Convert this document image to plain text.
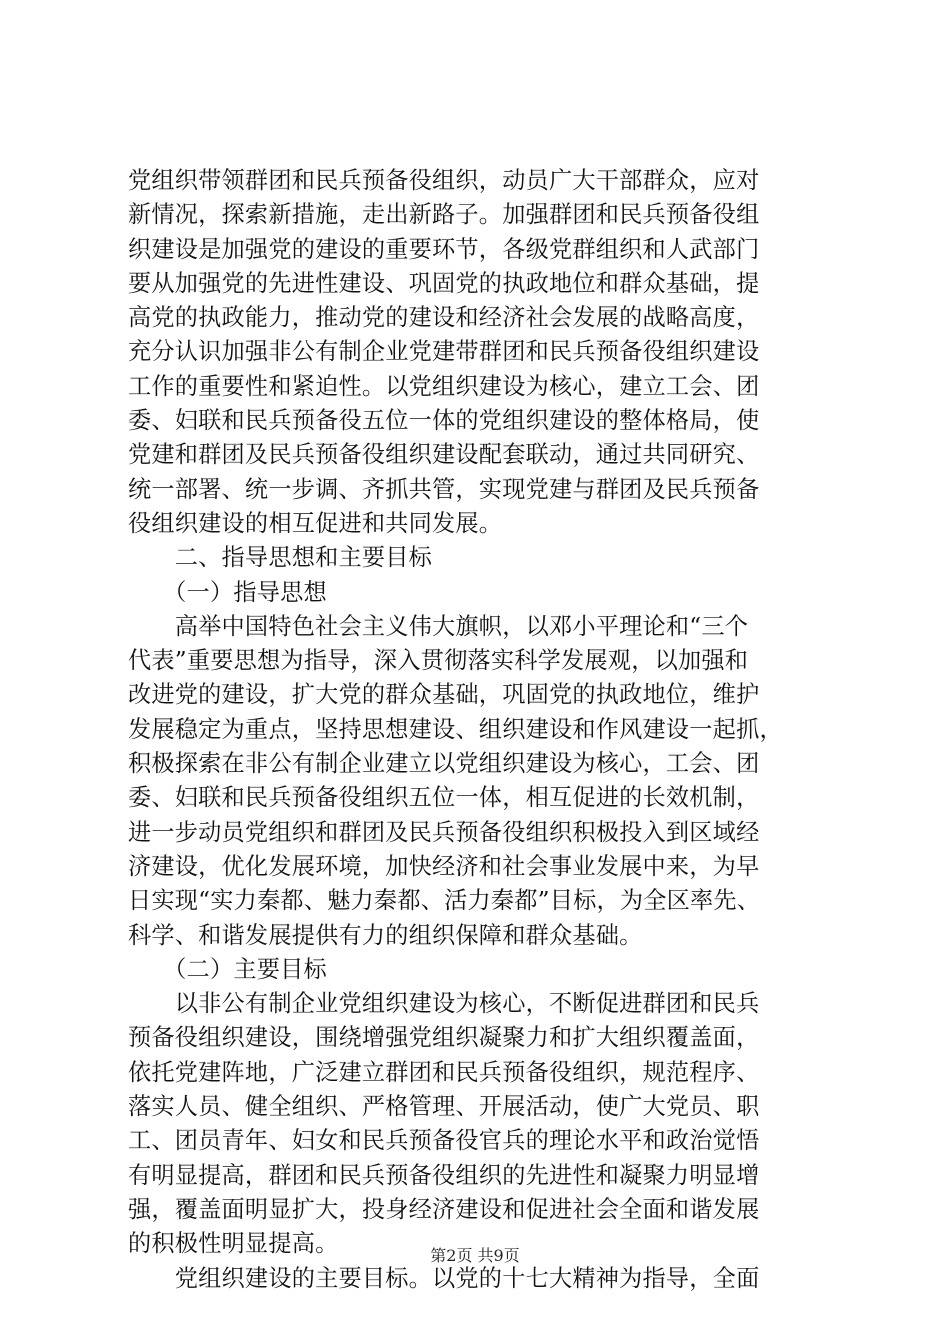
党组织带领群团和民兵预备役组织，动员广大干部群众，应对
新情况，探索新措施，走出新路子。加强群团和民兵预备役组
织建设是加强党的建设的重要环节，各级党群组织和人武部门
要从加强党的先进性建设、巩固党的执政地位和群众基础，提
高党的执政能力，推动党的建设和经济社会发展的战略高度，
充分认识加强非公有制企业党建带群团和民兵预备役组织建设
工作的重要性和紧迫性。以党组织建设为核心，建立工会、团
委、妇联和民兵预备役五位一体的党组织建设的整体格局，使
党建和群团及民兵预备役组织建设配套联动，通过共同研究、
统一部署、统一步调、齐抓共管，实现党建与群团及民兵预备
役组织建设的相互促进和共同发展。
　　二、指导思想和主要目标
　　（一）指导思想
　　高举中国特色社会主义伟大旗帜，以邓小平理论和“三个
代表”重要思想为指导，深入贯彻落实科学发展观，以加强和
改进党的建设，扩大党的群众基础，巩固党的执政地位，维护
发展稳定为重点，坚持思想建设、组织建设和作风建设一起抓，
积极探索在非公有制企业建立以党组织建设为核心，工会、团
委、妇联和民兵预备役组织五位一体，相互促进的长效机制，
进一步动员党组织和群团及民兵预备役组织积极投入到区域经
济建设，优化发展环境，加快经济和社会事业发展中来，为早
日实现“实力秦都、魅力秦都、活力秦都”目标，为全区率先、
科学、和谐发展提供有力的组织保障和群众基础。
　　（二）主要目标
　　以非公有制企业党组织建设为核心，不断促进群团和民兵
预备役组织建设，围绕增强党组织凝聚力和扩大组织覆盖面，
依托党建阵地，广泛建立群团和民兵预备役组织，规范程序、
落实人员、健全组织、严格管理、开展活动，使广大党员、职
工、团员青年、妇女和民兵预备役官兵的理论水平和政治觉悟
有明显提高，群团和民兵预备役组织的先进性和凝聚力明显增
强，覆盖面明显扩大，投身经济建设和促进社会全面和谐发展
的积极性明显提高。
　　党组织建设的主要目标。以党的十七大精神为指导，全面
第2页 共9页
